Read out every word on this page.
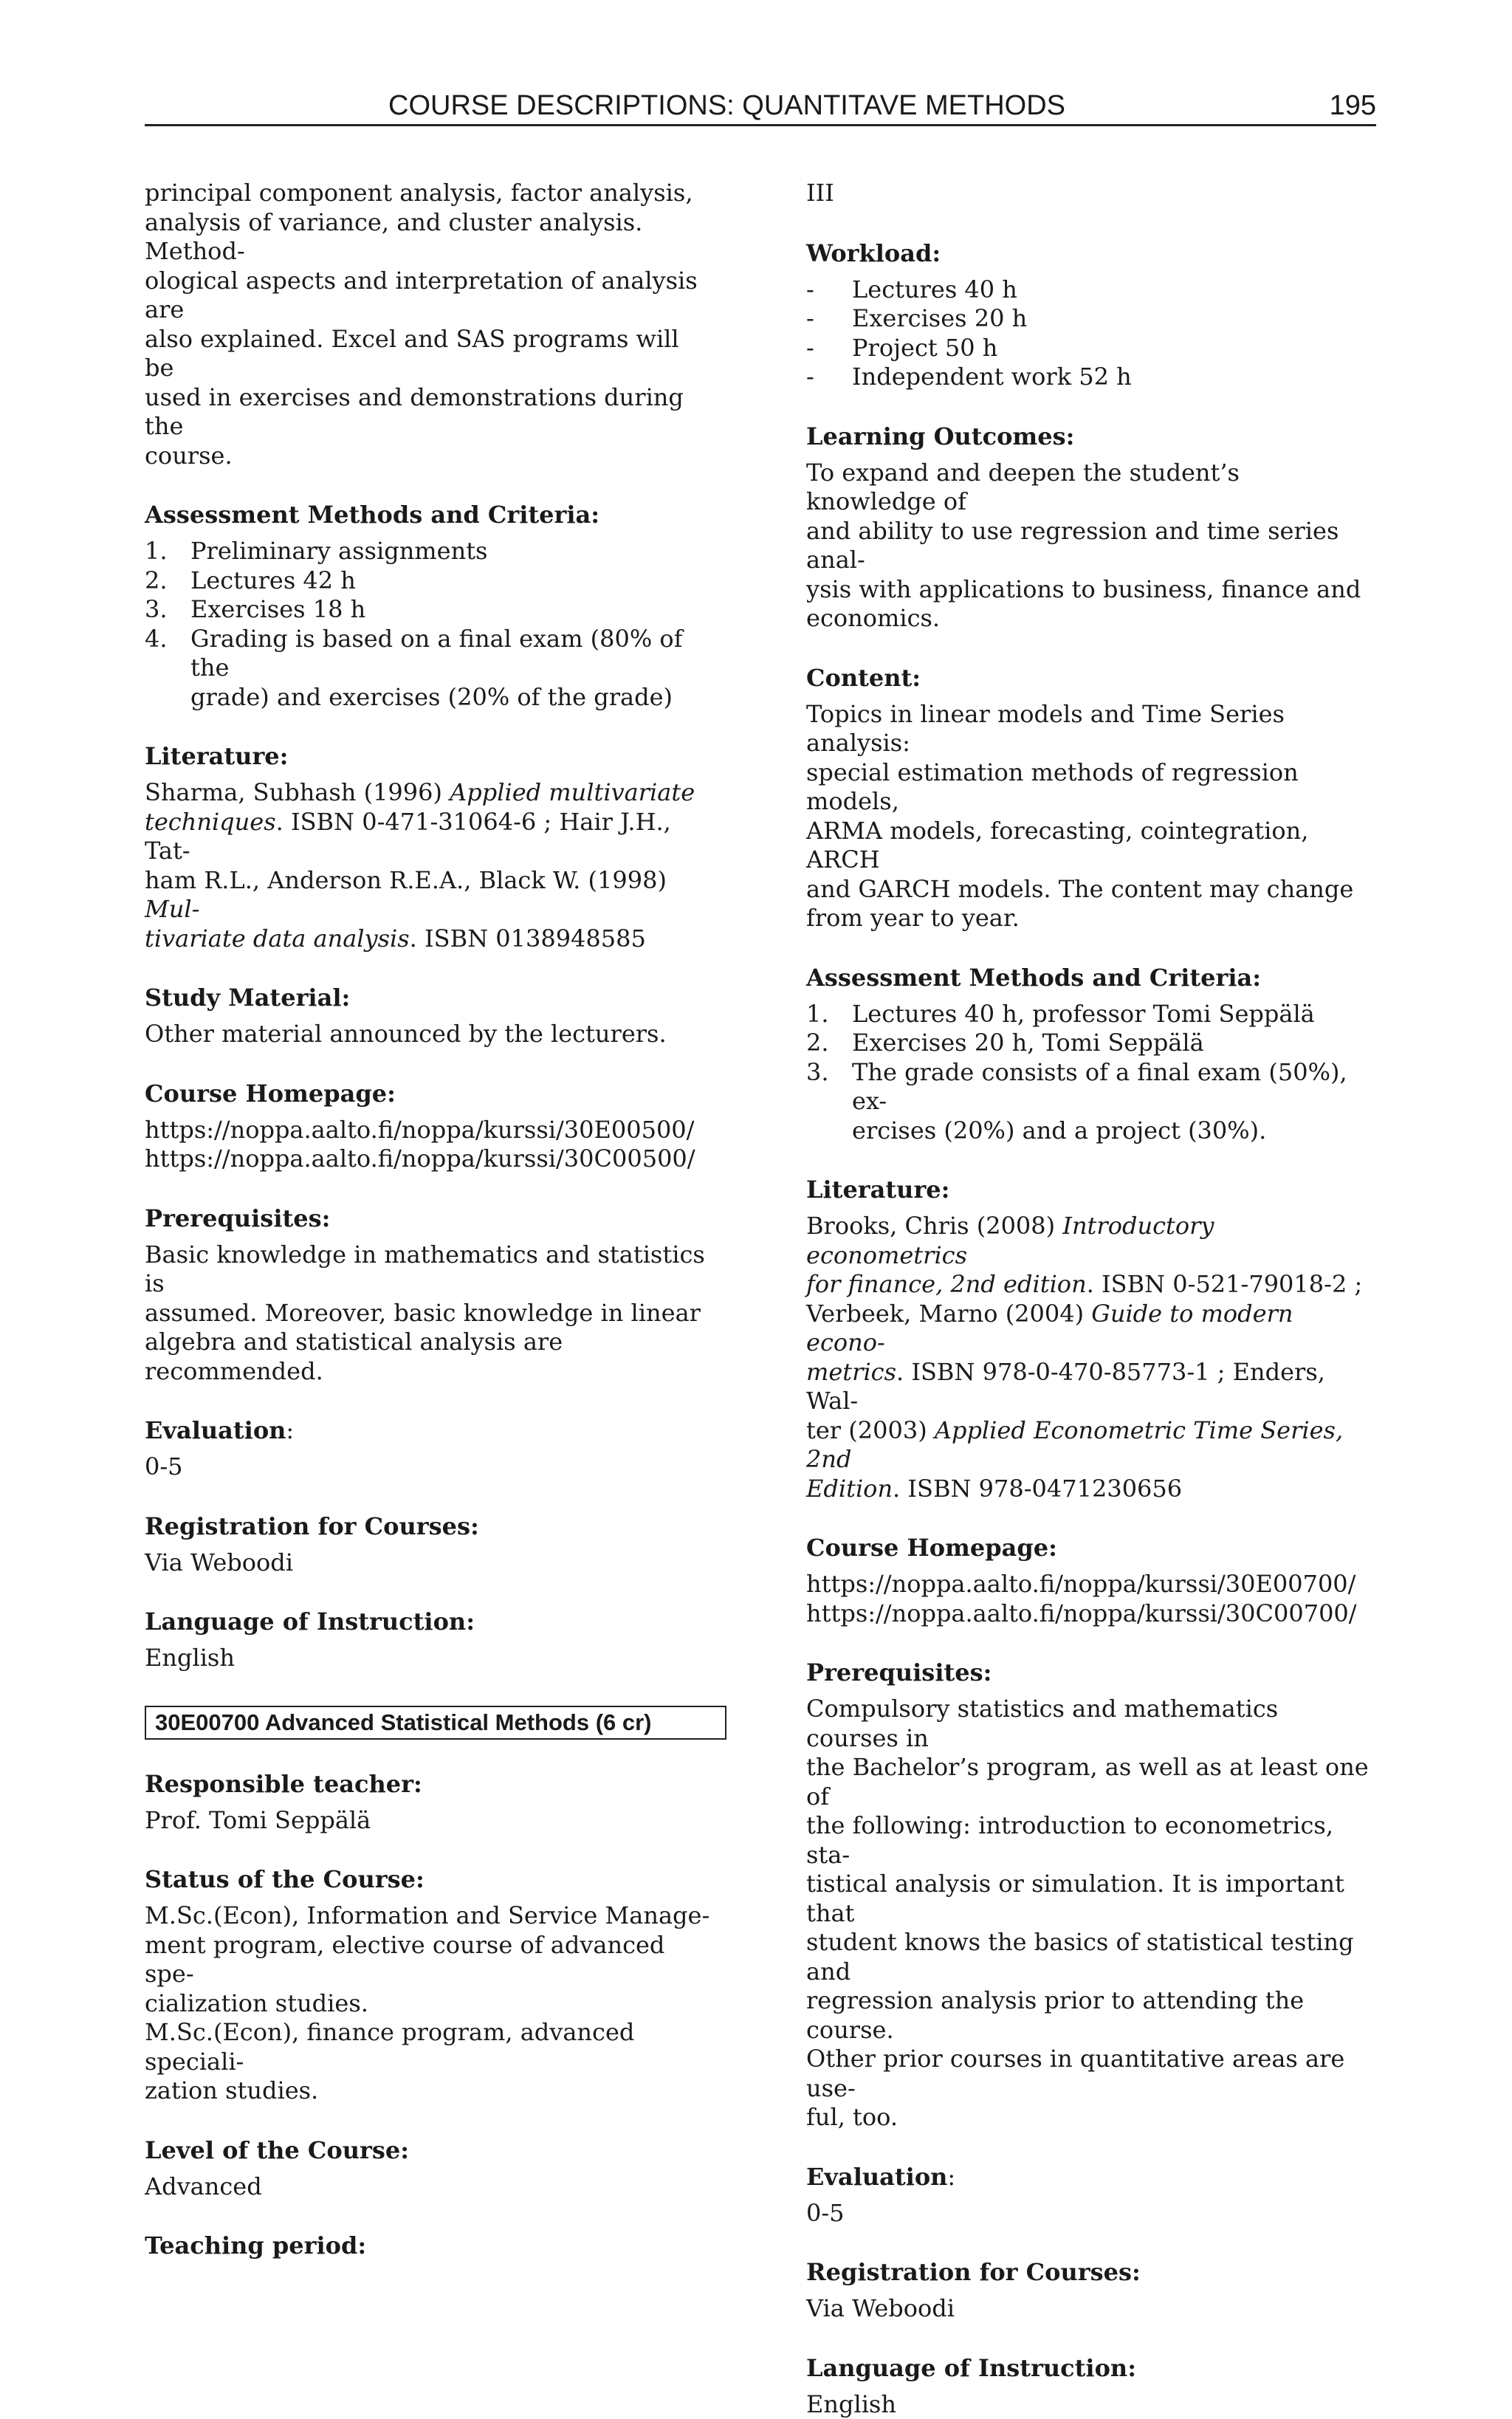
COURSE DESCRIPTIONS: QUANTITAVE METHODS	195

principal component analysis, factor analysis,
analysis of variance, and cluster analysis. Method-
ological aspects and interpretation of analysis are
also explained. Excel and SAS programs will be
used in exercises and demonstrations during the
course.

Assessment Methods and Criteria:
1. Preliminary assignments
2. Lectures 42 h
3. Exercises 18 h
4. Grading is based on a final exam (80% of the
grade) and exercises (20% of the grade)
Literature:

Sharma, Subhash (1996) Applied multivariate
techniques. ISBN 0-471-31064-6 ; Hair J.H., Tat-
ham R.L., Anderson R.E.A., Black W. (1998) Mul-
tivariate data analysis. ISBN 0138948585

Study Material:

Other material announced by the lecturers.

Course Homepage:

https://noppa.aalto.fi/noppa/kurssi/30E00500/
https://noppa.aalto.fi/noppa/kurssi/30C00500/

Prerequisites:

Basic knowledge in mathematics and statistics is
assumed. Moreover, basic knowledge in linear
algebra and statistical analysis are recommended.

Evaluation:

0-5

Registration for Courses:

Via Weboodi

Language of Instruction:

English

30E00700 Advanced Statistical Methods (6 cr)
Responsible teacher:

Prof. Tomi Seppälä

Status of the Course:

M.Sc.(Econ), Information and Service Manage-
ment program, elective course of advanced spe-
cialization studies.
M.Sc.(Econ), finance program, advanced speciali-
zation studies.

Level of the Course:

Advanced

Teaching period:

III

Workload:
- Lectures 40 h
- Exercises 20 h
- Project 50 h
- Independent work 52 h
Learning Outcomes:

To expand and deepen the student’s knowledge of
and ability to use regression and time series anal-
ysis with applications to business, finance and
economics.

Content:

Topics in linear models and Time Series analysis:
special estimation methods of regression models,
ARMA models, forecasting, cointegration, ARCH
and GARCH models. The content may change
from year to year.

Assessment Methods and Criteria:
1. Lectures 40 h, professor Tomi Seppälä
2. Exercises 20 h, Tomi Seppälä
3. The grade consists of a final exam (50%), ex-
ercises (20%) and a project (30%).
Literature:

Brooks, Chris (2008) Introductory econometrics
for finance, 2nd edition. ISBN 0-521-79018-2 ;
Verbeek, Marno (2004) Guide to modern econo-
metrics. ISBN 978-0-470-85773-1 ; Enders, Wal-
ter (2003) Applied Econometric Time Series, 2nd
Edition. ISBN 978-0471230656

Course Homepage:

https://noppa.aalto.fi/noppa/kurssi/30E00700/
https://noppa.aalto.fi/noppa/kurssi/30C00700/

Prerequisites:

Compulsory statistics and mathematics courses in
the Bachelor’s program, as well as at least one of
the following: introduction to econometrics, sta-
tistical analysis or simulation. It is important that
student knows the basics of statistical testing and
regression analysis prior to attending the course.
Other prior courses in quantitative areas are use-
ful, too.

Evaluation:

0-5

Registration for Courses:

Via Weboodi

Language of Instruction:

English
